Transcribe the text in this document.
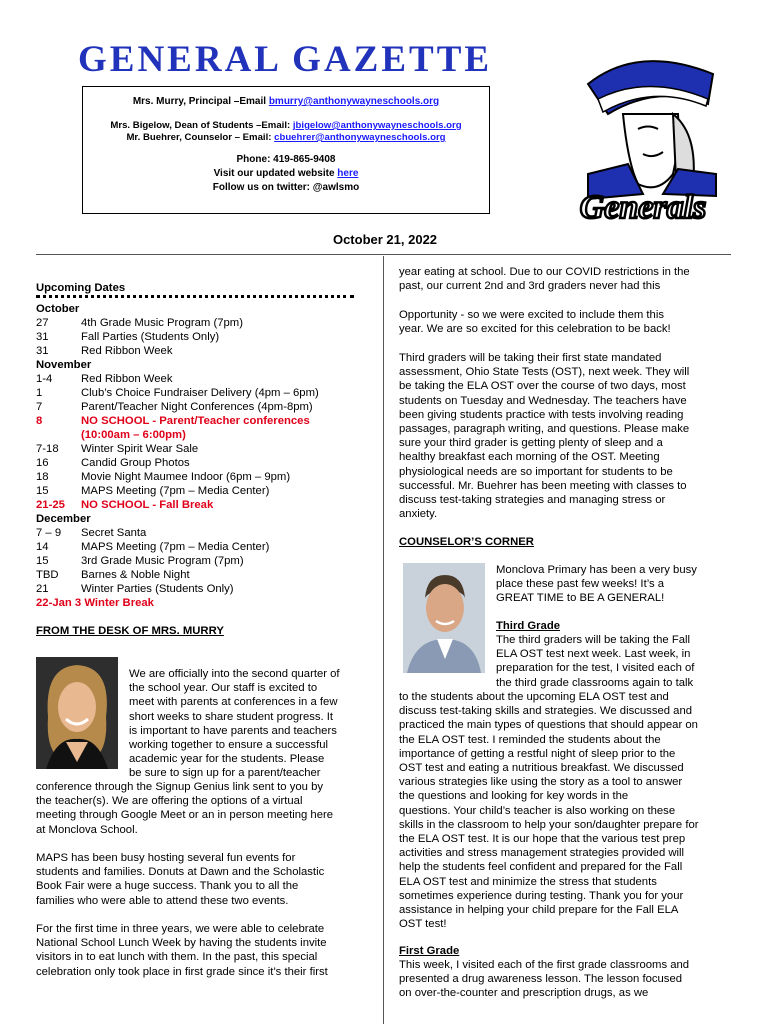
GENERAL GAZETTE
Mrs. Murry, Principal –Email bmurry@anthonywayneschools.org
Mrs. Bigelow, Dean of Students –Email: jbigelow@anthonywayneschools.org
Mr. Buehrer, Counselor – Email: cbuehrer@anthonywayneschools.org
Phone: 419-865-9408
Visit our updated website here
Follow us on twitter: @awlsmo
Generals
October 21, 2022
Upcoming Dates
October
27	4th Grade Music Program (7pm)
31	Fall Parties (Students Only)
31	Red Ribbon Week
November
1-4	Red Ribbon Week
1	Club’s Choice Fundraiser Delivery (4pm – 6pm)
7	Parent/Teacher Night Conferences (4pm-8pm)
8	NO SCHOOL - Parent/Teacher conferences
(10:00am – 6:00pm)
7-18 Winter Spirit Wear Sale
16	Candid Group Photos
18	Movie Night Maumee Indoor (6pm – 9pm)
15	MAPS Meeting (7pm – Media Center)
21-25 NO SCHOOL - Fall Break
December
7 – 9 Secret Santa
14	MAPS Meeting (7pm – Media Center)
15	3rd Grade Music Program (7pm)
TBD Barnes & Noble Night
21	Winter Parties (Students Only)
22-Jan 3 Winter Break
FROM THE DESK OF MRS. MURRY
We are officially into the second quarter of
the school year. Our staff is excited to
meet with parents at conferences in a few
short weeks to share student progress. It
is important to have parents and teachers
working together to ensure a successful
academic year for the students. Please
be sure to sign up for a parent/teacher
conference through the Signup Genius link sent to you by
the teacher(s). We are offering the options of a virtual
meeting through Google Meet or an in person meeting here
at Monclova School.
MAPS has been busy hosting several fun events for
students and families. Donuts at Dawn and the Scholastic
Book Fair were a huge success. Thank you to all the
families who were able to attend these two events.
For the first time in three years, we were able to celebrate
National School Lunch Week by having the students invite
visitors in to eat lunch with them. In the past, this special
celebration only took place in first grade since it’s their first
year eating at school. Due to our COVID restrictions in the
past, our current 2nd and 3rd graders never had this
Opportunity - so we were excited to include them this
year. We are so excited for this celebration to be back!
Third graders will be taking their first state mandated
assessment, Ohio State Tests (OST), next week. They will
be taking the ELA OST over the course of two days, most
students on Tuesday and Wednesday. The teachers have
been giving students practice with tests involving reading
passages, paragraph writing, and questions. Please make
sure your third grader is getting plenty of sleep and a
healthy breakfast each morning of the OST. Meeting
physiological needs are so important for students to be
successful. Mr. Buehrer has been meeting with classes to
discuss test-taking strategies and managing stress or
anxiety.
COUNSELOR’S CORNER
Monclova Primary has been a very busy
place these past few weeks! It’s a
GREAT TIME to BE A GENERAL!
Third Grade
The third graders will be taking the Fall
ELA OST test next week. Last week, in
preparation for the test, I visited each of
the third grade classrooms again to talk
to the students about the upcoming ELA OST test and
discuss test-taking skills and strategies. We discussed and
practiced the main types of questions that should appear on
the ELA OST test. I reminded the students about the
importance of getting a restful night of sleep prior to the
OST test and eating a nutritious breakfast. We discussed
various strategies like using the story as a tool to answer
the questions and looking for key words in the
questions. Your child’s teacher is also working on these
skills in the classroom to help your son/daughter prepare for
the ELA OST test. It is our hope that the various test prep
activities and stress management strategies provided will
help the students feel confident and prepared for the Fall
ELA OST test and minimize the stress that students
sometimes experience during testing. Thank you for your
assistance in helping your child prepare for the Fall ELA
OST test!
First Grade
This week, I visited each of the first grade classrooms and
presented a drug awareness lesson. The lesson focused
on over-the-counter and prescription drugs, as we
